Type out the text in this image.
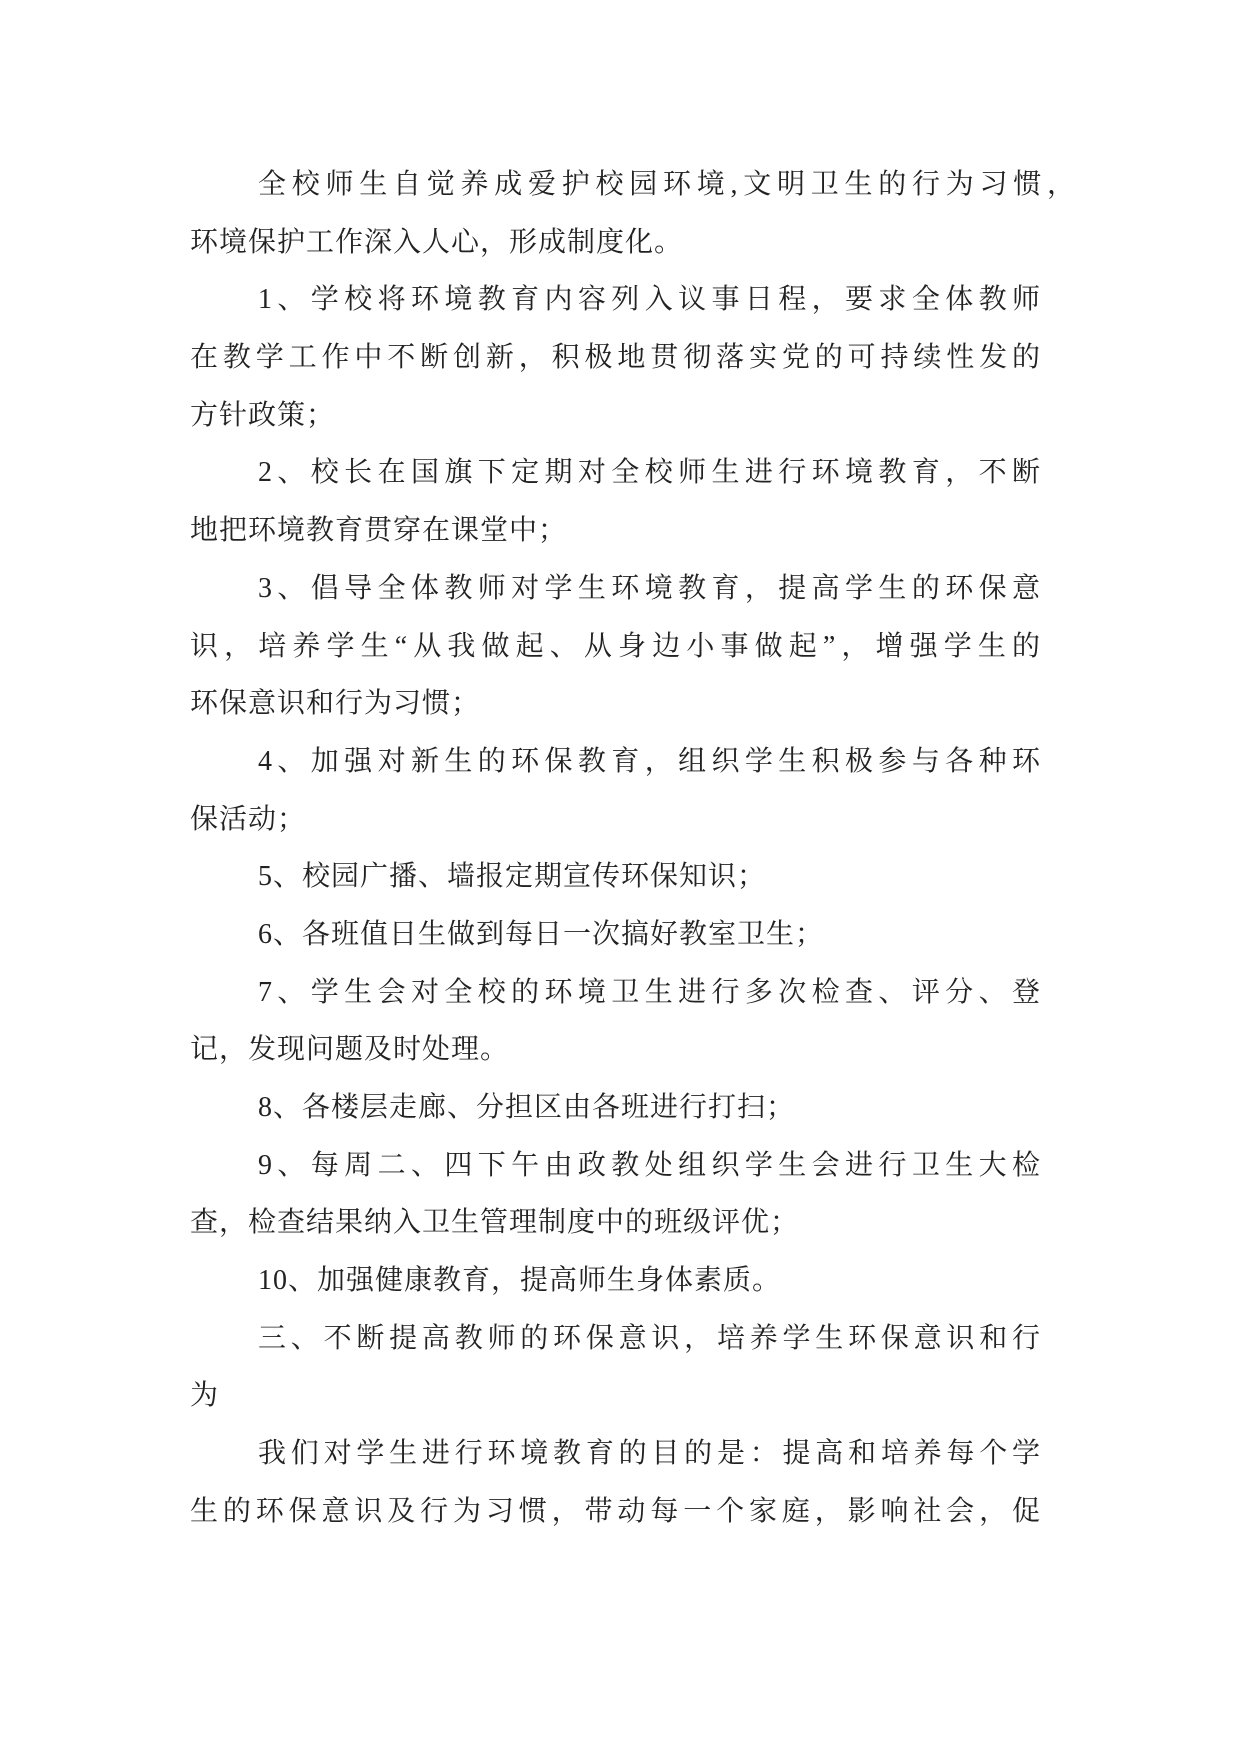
全校师生自觉养成爱护校园环境,文明卫生的行为习惯，
环境保护工作深入人心，形成制度化。
1、学校将环境教育内容列入议事日程，要求全体教师
在教学工作中不断创新，积极地贯彻落实党的可持续性发的
方针政策；
2、校长在国旗下定期对全校师生进行环境教育，不断
地把环境教育贯穿在课堂中；
3、倡导全体教师对学生环境教育，提高学生的环保意
识，培养学生“从我做起、从身边小事做起”，增强学生的
环保意识和行为习惯；
4、加强对新生的环保教育，组织学生积极参与各种环
保活动；
5、校园广播、墙报定期宣传环保知识；
6、各班值日生做到每日一次搞好教室卫生；
7、学生会对全校的环境卫生进行多次检查、评分、登
记，发现问题及时处理。
8、各楼层走廊、分担区由各班进行打扫；
9、每周二、四下午由政教处组织学生会进行卫生大检
查，检查结果纳入卫生管理制度中的班级评优；
10、加强健康教育，提高师生身体素质。
三、不断提高教师的环保意识，培养学生环保意识和行
为
我们对学生进行环境教育的目的是：提高和培养每个学
生的环保意识及行为习惯，带动每一个家庭，影响社会，促
